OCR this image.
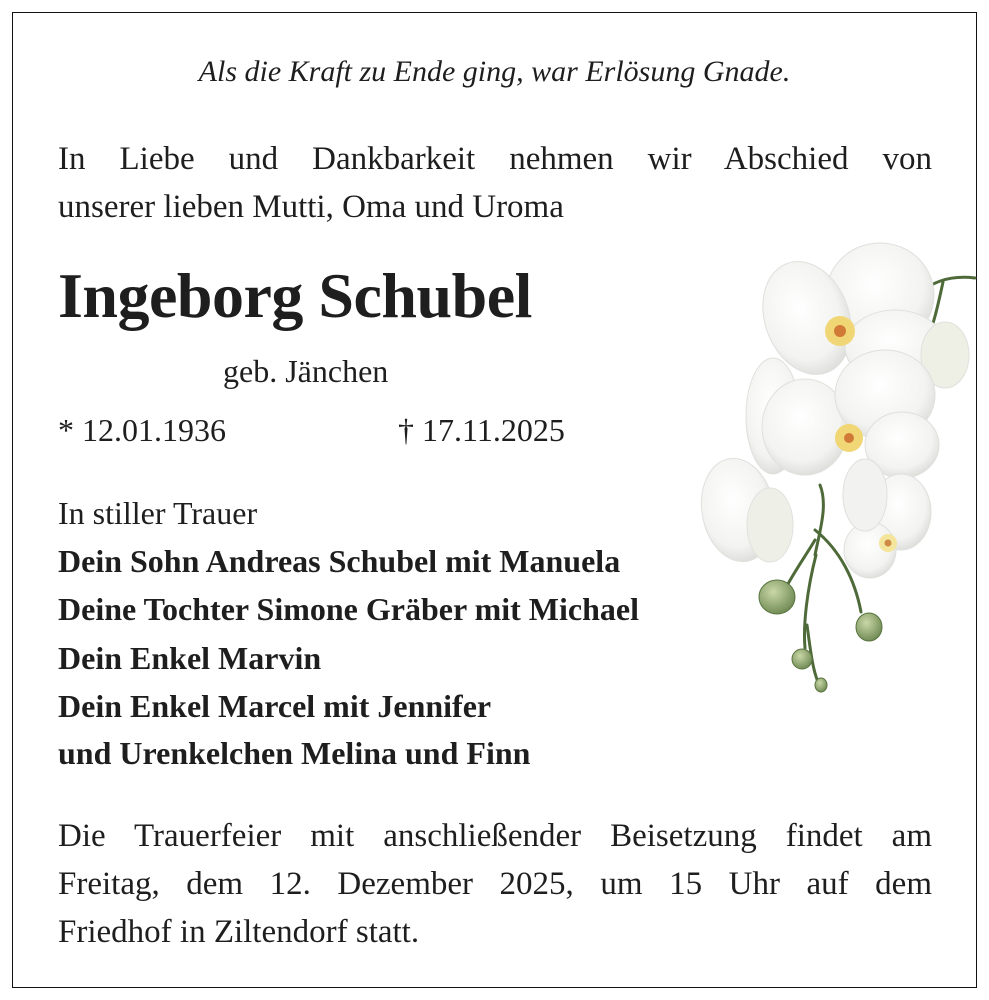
Als die Kraft zu Ende ging, war Erlösung Gnade.
In Liebe und Dankbarkeit nehmen wir Abschied von
unserer lieben Mutti, Oma und Uroma
Ingeborg Schubel
geb. Jänchen
* 12.01.1936	† 17.11.2025
In stiller Trauer
Dein Sohn Andreas Schubel mit Manuela
Deine Tochter Simone Gräber mit Michael
Dein Enkel Marvin
Dein Enkel Marcel mit Jennifer
und Urenkelchen Melina und Finn
Die Trauerfeier mit anschließender Beisetzung findet am
Freitag, dem 12. Dezember 2025, um 15 Uhr auf dem
Friedhof in Ziltendorf statt.
